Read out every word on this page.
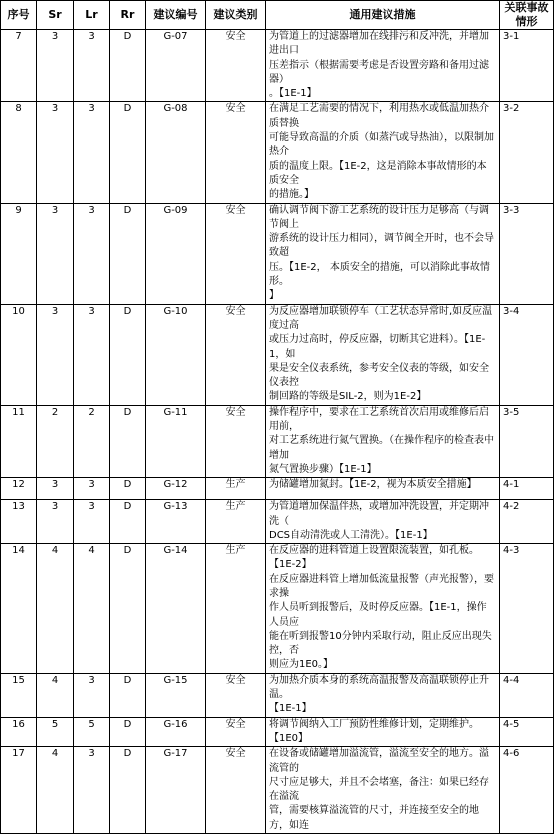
序号	Sr	Lr	Rr	建议编号	建议类别	通用建议措施	关联事故情形
7	3	3	D	G-07	安全	为管道上的过滤器增加在线排污和反冲洗，并增加进出口
压差指示（根据需要考虑是否设置旁路和备用过滤器）
。【1E-1】	3-1
8	3	3	D	G-08	安全	在满足工艺需要的情况下，利用热水或低温加热介质替换
可能导致高温的介质（如蒸汽或导热油），以限制加热介
质的温度上限。【1E-2，这是消除本事故情形的本质安全
的措施。】	3-2
9	3	3	D	G-09	安全	确认调节阀下游工艺系统的设计压力足够高（与调节阀上
游系统的设计压力相同），调节阀全开时，也不会导致超
压。【1E-2， 本质安全的措施，可以消除此事故情形。
】	3-3
10	3	3	D	G-10	安全	为反应器增加联锁停车（工艺状态异常时,如反应温度过高
或压力过高时，停反应器，切断其它进料）。【1E-1，如
果是安全仪表系统，参考安全仪表的等级，如安全仪表控
制回路的等级是SIL-2，则为1E-2】	3-4
11	2	2	D	G-11	安全	操作程序中，要求在工艺系统首次启用或维修后启用前，
对工艺系统进行氮气置换。（在操作程序的检查表中增加
氮气置换步骤）【1E-1】	3-5
12	3	3	D	G-12	生产	为储罐增加氮封。【1E-2，视为本质安全措施】	4-1
13	3	3	D	G-13	生产	为管道增加保温伴热，或增加冲洗设置，并定期冲洗（
DCS自动清洗或人工清洗）。【1E-1】	4-2
14	4	4	D	G-14	生产	在反应器的进料管道上设置限流装置，如孔板。【1E-2】
在反应器进料管上增加低流量报警（声光报警），要求操
作人员听到报警后，及时停反应器。【1E-1，操作人员应
能在听到报警10分钟内采取行动，阻止反应出现失控，否
则应为1E0。】	4-3
15	4	3	D	G-15	安全	为加热介质本身的系统高温报警及高温联锁停止升温。
【1E-1】	4-4
16	5	5	D	G-16	安全	将调节阀纳入工厂预防性维修计划，定期维护。【1E0】	4-5
17	4	3	D	G-17	安全	在设备或储罐增加溢流管，溢流至安全的地方。溢流管的
尺寸应足够大，并且不会堵塞，备注：如果已经存在溢流
管，需要核算溢流管的尺寸，并连接至安全的地方，如连	4-6
